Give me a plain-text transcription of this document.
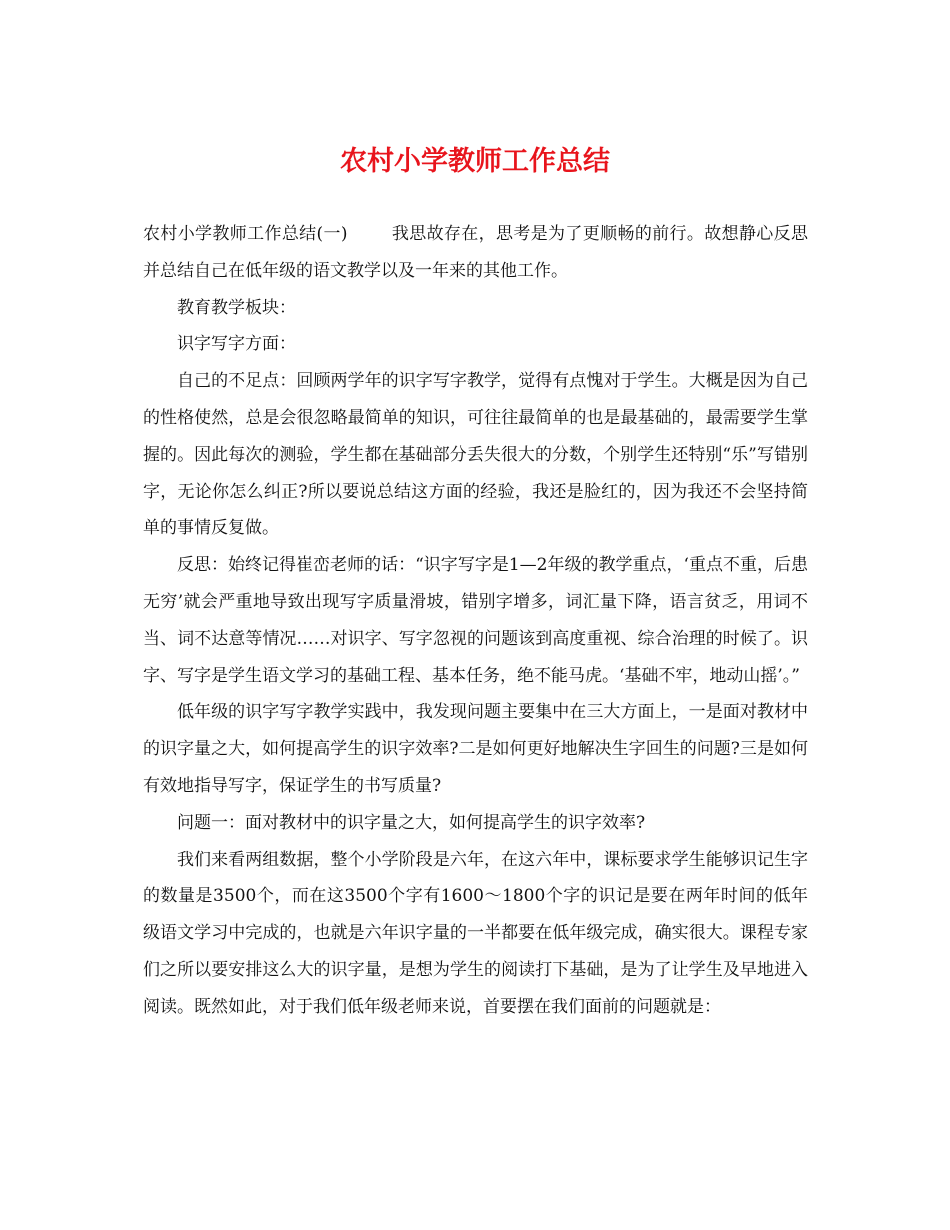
农村小学教师工作总结

农村小学教师工作总结(一)	我思故存在，思考是为了更顺畅的前行。故想静心反思并总结自己在低年级的语文教学以及一年来的其他工作。

教育教学板块：

识字写字方面：

自己的不足点：回顾两学年的识字写字教学，觉得有点愧对于学生。大概是因为自己的性格使然，总是会很忽略最简单的知识，可往往最简单的也是最基础的，最需要学生掌握的。因此每次的测验，学生都在基础部分丢失很大的分数，个别学生还特别“乐”写错别字，无论你怎么纠正?所以要说总结这方面的经验，我还是脸红的，因为我还不会坚持简单的事情反复做。

反思：始终记得崔峦老师的话：“识字写字是1—2年级的教学重点，‘重点不重，后患无穷’就会严重地导致出现写字质量滑坡，错别字增多，词汇量下降，语言贫乏，用词不当、词不达意等情况……对识字、写字忽视的问题该到高度重视、综合治理的时候了。识字、写字是学生语文学习的基础工程、基本任务，绝不能马虎。‘基础不牢，地动山摇’。”

低年级的识字写字教学实践中，我发现问题主要集中在三大方面上，一是面对教材中的识字量之大，如何提高学生的识字效率?二是如何更好地解决生字回生的问题?三是如何有效地指导写字，保证学生的书写质量?

问题一：面对教材中的识字量之大，如何提高学生的识字效率?

我们来看两组数据，整个小学阶段是六年，在这六年中，课标要求学生能够识记生字的数量是3500个，而在这3500个字有1600～1800个字的识记是要在两年时间的低年级语文学习中完成的，也就是六年识字量的一半都要在低年级完成，确实很大。课程专家们之所以要安排这么大的识字量，是想为学生的阅读打下基础，是为了让学生及早地进入阅读。既然如此，对于我们低年级老师来说，首要摆在我们面前的问题就是：
